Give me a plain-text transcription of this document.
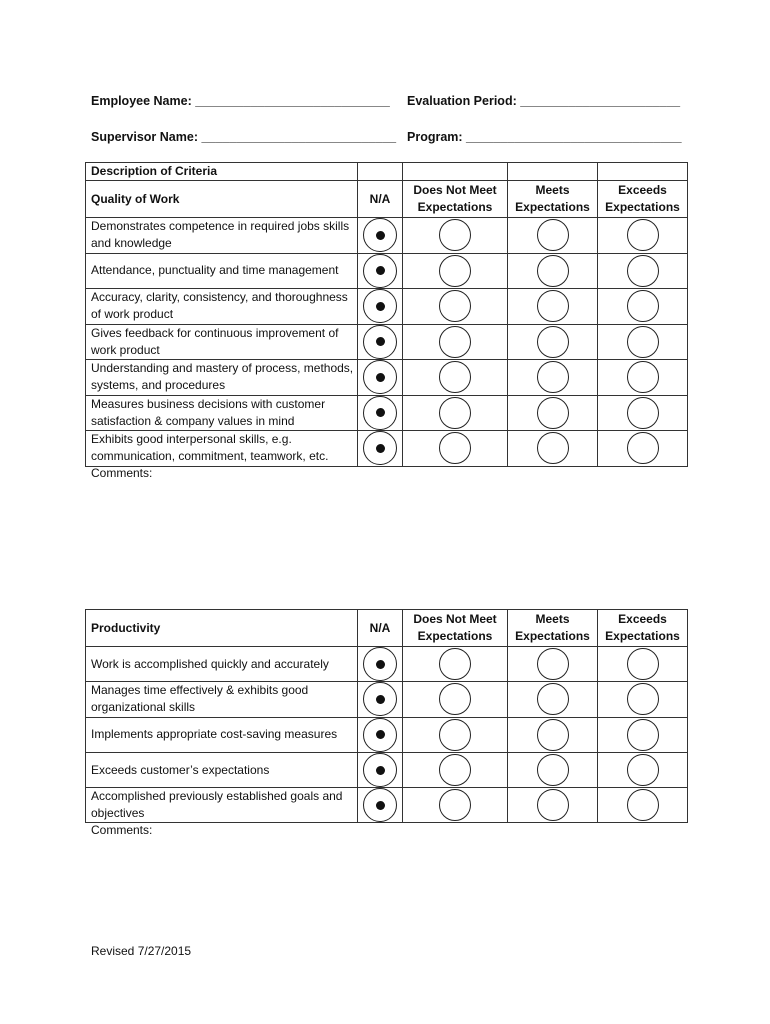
Employee Name: ____________________________ Evaluation Period: _______________________
Supervisor Name: ____________________________ Program: _______________________________
Description of Criteria				
Quality of Work	N/A	Does Not Meet Expectations	Meets Expectations	Exceeds Expectations
Demonstrates competence in required jobs skills and knowledge	

Attendance, punctuality and time management	

Accuracy, clarity, consistency, and thoroughness of work product	

Gives feedback for continuous improvement of work product	

Understanding and mastery of process, methods, systems, and procedures	

Measures business decisions with customer satisfaction & company values in mind	

Exhibits good interpersonal skills, e.g. communication, commitment, teamwork, etc.	

Comments:
Productivity	N/A	Does Not Meet Expectations	Meets Expectations	Exceeds Expectations
Work is accomplished quickly and accurately	

Manages time effectively & exhibits good organizational skills	

Implements appropriate cost-saving measures	

Exceeds customer’s expectations	

Accomplished previously established goals and objectives	

Comments:
Revised 7/27/2015
